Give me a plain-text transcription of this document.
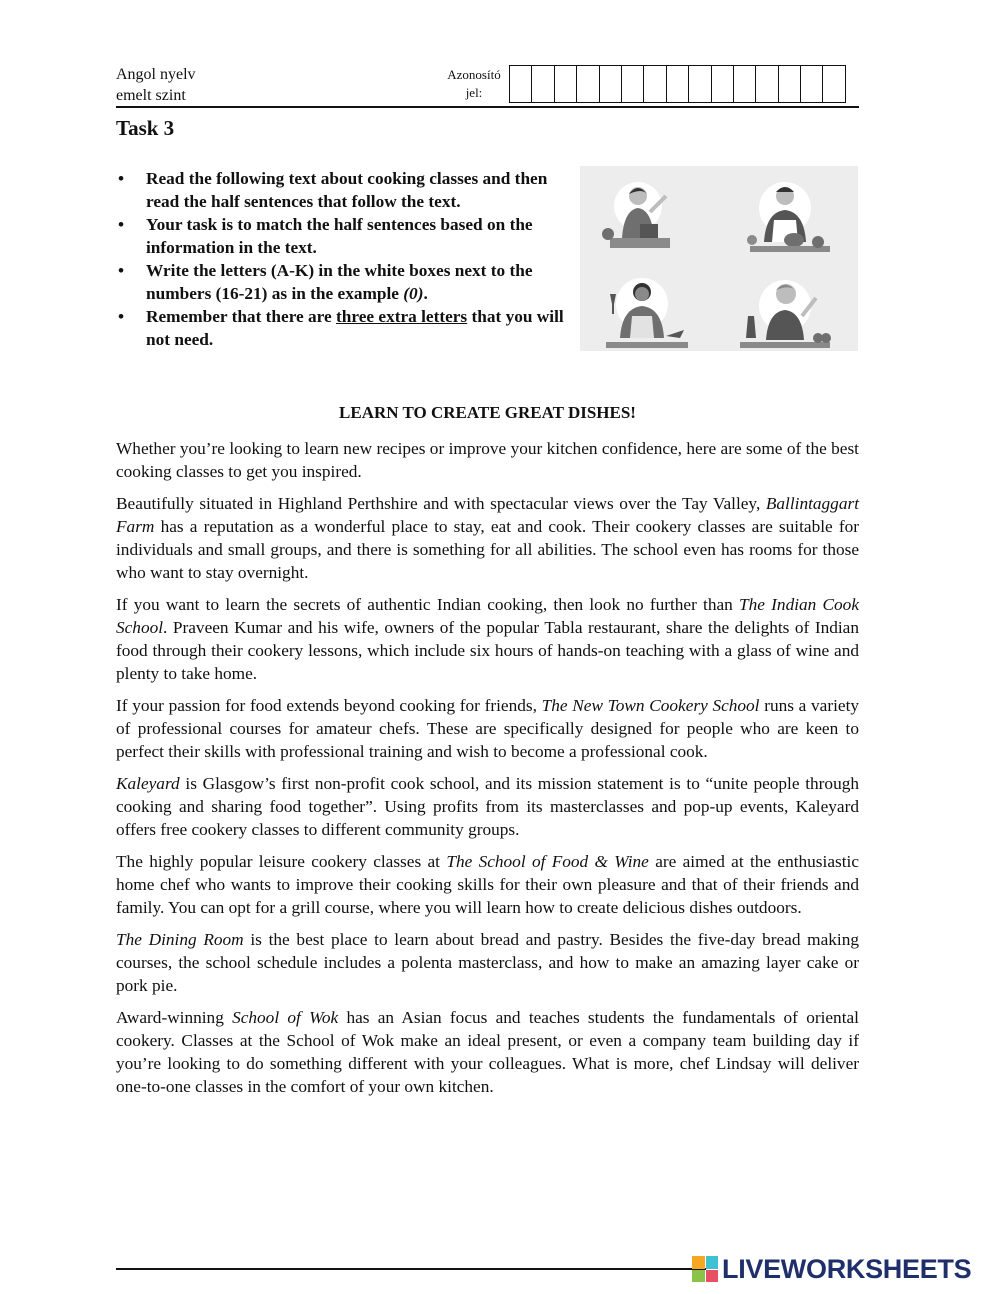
Angol nyelv
emelt szint
Azonosító
jel:
Task 3
• Read the following text about cooking classes and then read the half sentences that follow the text.
• Your task is to match the half sentences based on the information in the text.
• Write the letters (A-K) in the white boxes next to the numbers (16-21) as in the example (0).
• Remember that there are three extra letters that you will not need.
LEARN TO CREATE GREAT DISHES!

Whether you’re looking to learn new recipes or improve your kitchen confidence, here are some of the best cooking classes to get you inspired.

Beautifully situated in Highland Perthshire and with spectacular views over the Tay Valley, Ballintaggart Farm has a reputation as a wonderful place to stay, eat and cook. Their cookery classes are suitable for individuals and small groups, and there is something for all abilities. The school even has rooms for those who want to stay overnight.

If you want to learn the secrets of authentic Indian cooking, then look no further than The Indian Cook School. Praveen Kumar and his wife, owners of the popular Tabla restaurant, share the delights of Indian food through their cookery lessons, which include six hours of hands-on teaching with a glass of wine and plenty to take home.

If your passion for food extends beyond cooking for friends, The New Town Cookery School runs a variety of professional courses for amateur chefs. These are specifically designed for people who are keen to perfect their skills with professional training and wish to become a professional cook.

Kaleyard is Glasgow’s first non-profit cook school, and its mission statement is to “unite people through cooking and sharing food together”. Using profits from its masterclasses and pop-up events, Kaleyard offers free cookery classes to different community groups.

The highly popular leisure cookery classes at The School of Food & Wine are aimed at the enthusiastic home chef who wants to improve their cooking skills for their own pleasure and that of their friends and family. You can opt for a grill course, where you will learn how to create delicious dishes outdoors.

The Dining Room is the best place to learn about bread and pastry. Besides the five-day bread making courses, the school schedule includes a polenta masterclass, and how to make an amazing layer cake or pork pie.

Award-winning School of Wok has an Asian focus and teaches students the fundamentals of oriental cookery. Classes at the School of Wok make an ideal present, or even a company team building day if you’re looking to do something different with your colleagues. What is more, chef Lindsay will deliver one-to-one classes in the comfort of your own kitchen.

LIVEWORKSHEETS
